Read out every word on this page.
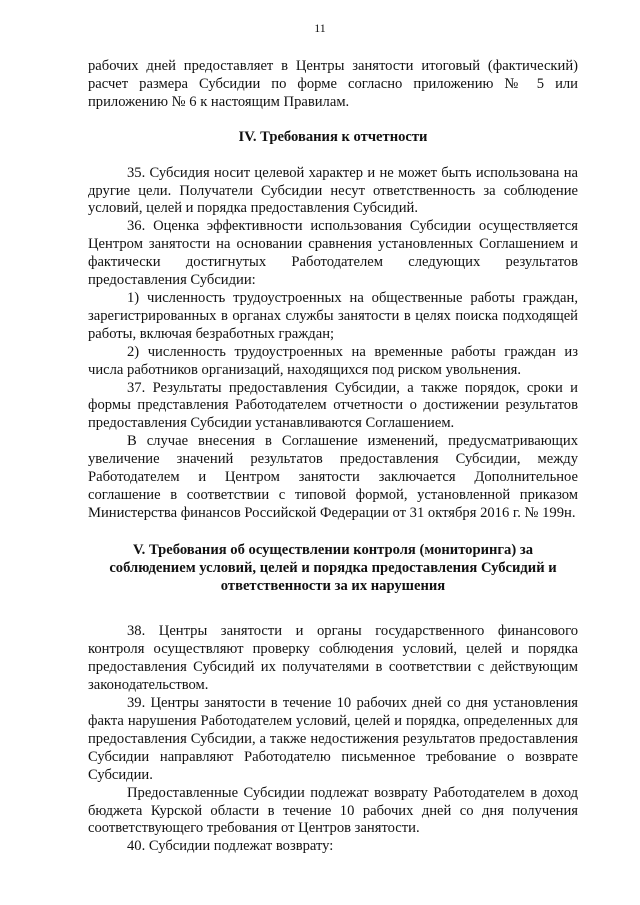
11

рабочих дней предоставляет в Центры занятости итоговый (фактический) расчет размера Субсидии по форме согласно приложению № 5 или приложению № 6 к настоящим Правилам.

IV. Требования к отчетности

35. Субсидия носит целевой характер и не может быть использована на другие цели. Получатели Субсидии несут ответственность за соблюдение условий, целей и порядка предоставления Субсидий.

36. Оценка эффективности использования Субсидии осуществляется Центром занятости на основании сравнения установленных Соглашением и фактически достигнутых Работодателем следующих результатов предоставления Субсидии:

1) численность трудоустроенных на общественные работы граждан, зарегистрированных в органах службы занятости в целях поиска подходящей работы, включая безработных граждан;

2) численность трудоустроенных на временные работы граждан из числа работников организаций, находящихся под риском увольнения.

37. Результаты предоставления Субсидии, а также порядок, сроки и формы представления Работодателем отчетности о достижении результатов предоставления Субсидии устанавливаются Соглашением.

В случае внесения в Соглашение изменений, предусматривающих увеличение значений результатов предоставления Субсидии, между Работодателем и Центром занятости заключается Дополнительное соглашение в соответствии с типовой формой, установленной приказом Министерства финансов Российской Федерации от 31 октября 2016 г. № 199н.

V. Требования об осуществлении контроля (мониторинга) за
соблюдением условий, целей и порядка предоставления Субсидий и
ответственности за их нарушения

38. Центры занятости и органы государственного финансового контроля осуществляют проверку соблюдения условий, целей и порядка предоставления Субсидий их получателями в соответствии с действующим законодательством.

39. Центры занятости в течение 10 рабочих дней со дня установления факта нарушения Работодателем условий, целей и порядка, определенных для предоставления Субсидии, а также недостижения результатов предоставления Субсидии направляют Работодателю письменное требование о возврате Субсидии.

Предоставленные Субсидии подлежат возврату Работодателем в доход бюджета Курской области в течение 10 рабочих дней со дня получения соответствующего требования от Центров занятости.

40. Субсидии подлежат возврату:
